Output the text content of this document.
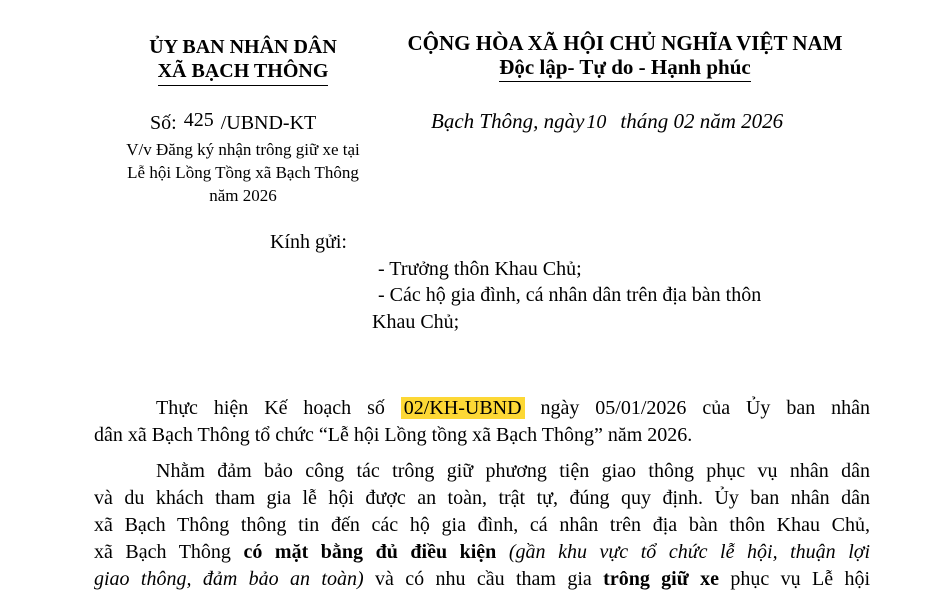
ỦY BAN NHÂN DÂN
XÃ BẠCH THÔNG
CỘNG HÒA XÃ HỘI CHỦ NGHĨA VIỆT NAM
Độc lập- Tự do - Hạnh phúc
Số: 425 /UBND-KT
V/v Đăng ký nhận trông giữ xe tại
Lễ hội Lồng Tồng xã Bạch Thông
năm 2026
Bạch Thông, ngày 10 tháng 02 năm 2026
Kính gửi:
- Trưởng thôn Khau Chủ;
- Các hộ gia đình, cá nhân dân trên địa bàn thôn
Khau Chủ;
Thực hiện Kế hoạch số 02/KH-UBND ngày 05/01/2026 của Ủy ban nhân
dân xã Bạch Thông tổ chức “Lễ hội Lồng tồng xã Bạch Thông” năm 2026.
Nhằm đảm bảo công tác trông giữ phương tiện giao thông phục vụ nhân dân
và du khách tham gia lễ hội được an toàn, trật tự, đúng quy định. Ủy ban nhân dân
xã Bạch Thông thông tin đến các hộ gia đình, cá nhân trên địa bàn thôn Khau Chủ,
xã Bạch Thông có mặt bằng đủ điều kiện (gần khu vực tổ chức lễ hội, thuận lợi
giao thông, đảm bảo an toàn) và có nhu cầu tham gia trông giữ xe phục vụ Lễ hội
